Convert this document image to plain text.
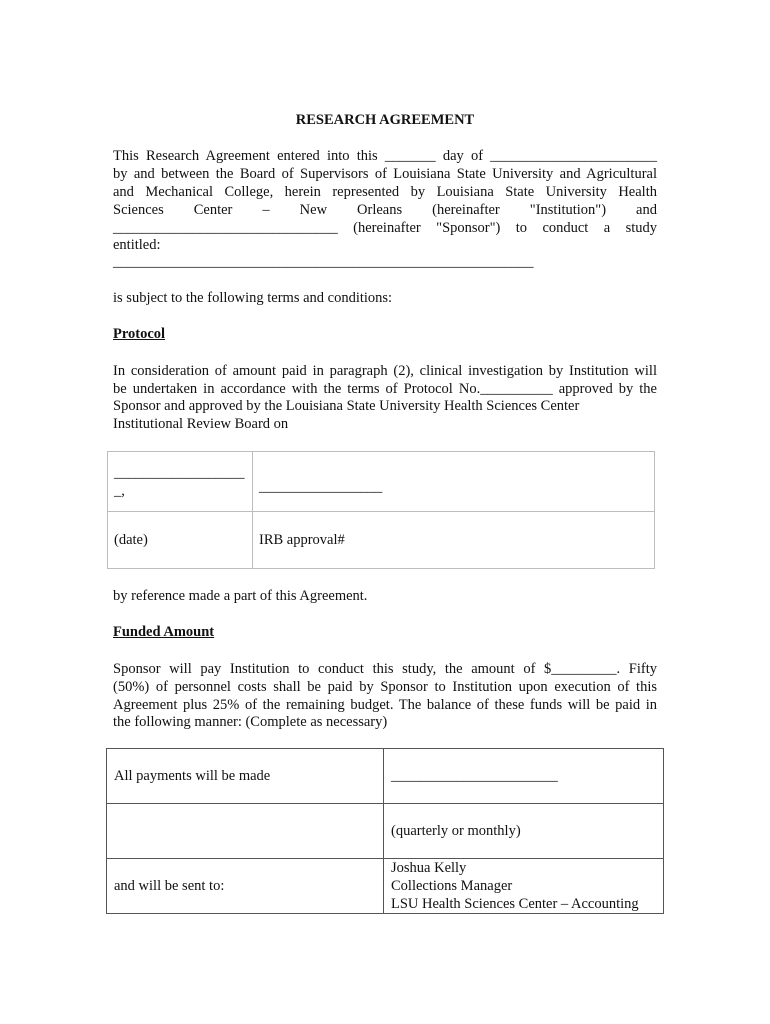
RESEARCH AGREEMENT
This Research Agreement entered into this _______ day of _______________________
by and between the Board of Supervisors of Louisiana State University and Agricultural
and Mechanical College, herein represented by Louisiana State University Health
Sciences Center – New Orleans (hereinafter "Institution") and
_______________________________ (hereinafter "Sponsor") to conduct a study
entitled:
__________________________________________________________
is subject to the following terms and conditions:
Protocol
In consideration of amount paid in paragraph (2), clinical investigation by Institution will
be undertaken in accordance with the terms of Protocol No.__________ approved by the
Sponsor and approved by the Louisiana State University Health Sciences Center
Institutional Review Board on
__________________
_,	_________________
(date)	IRB approval#
by reference made a part of this Agreement.
Funded Amount
Sponsor will pay Institution to conduct this study, the amount of $_________. Fifty
(50%) of personnel costs shall be paid by Sponsor to Institution upon execution of this
Agreement plus 25% of the remaining budget. The balance of these funds will be paid in
the following manner: (Complete as necessary)
All payments will be made	_______________________
	(quarterly or monthly)
and will be sent to:	Joshua Kelly
Collections Manager
LSU Health Sciences Center – Accounting
